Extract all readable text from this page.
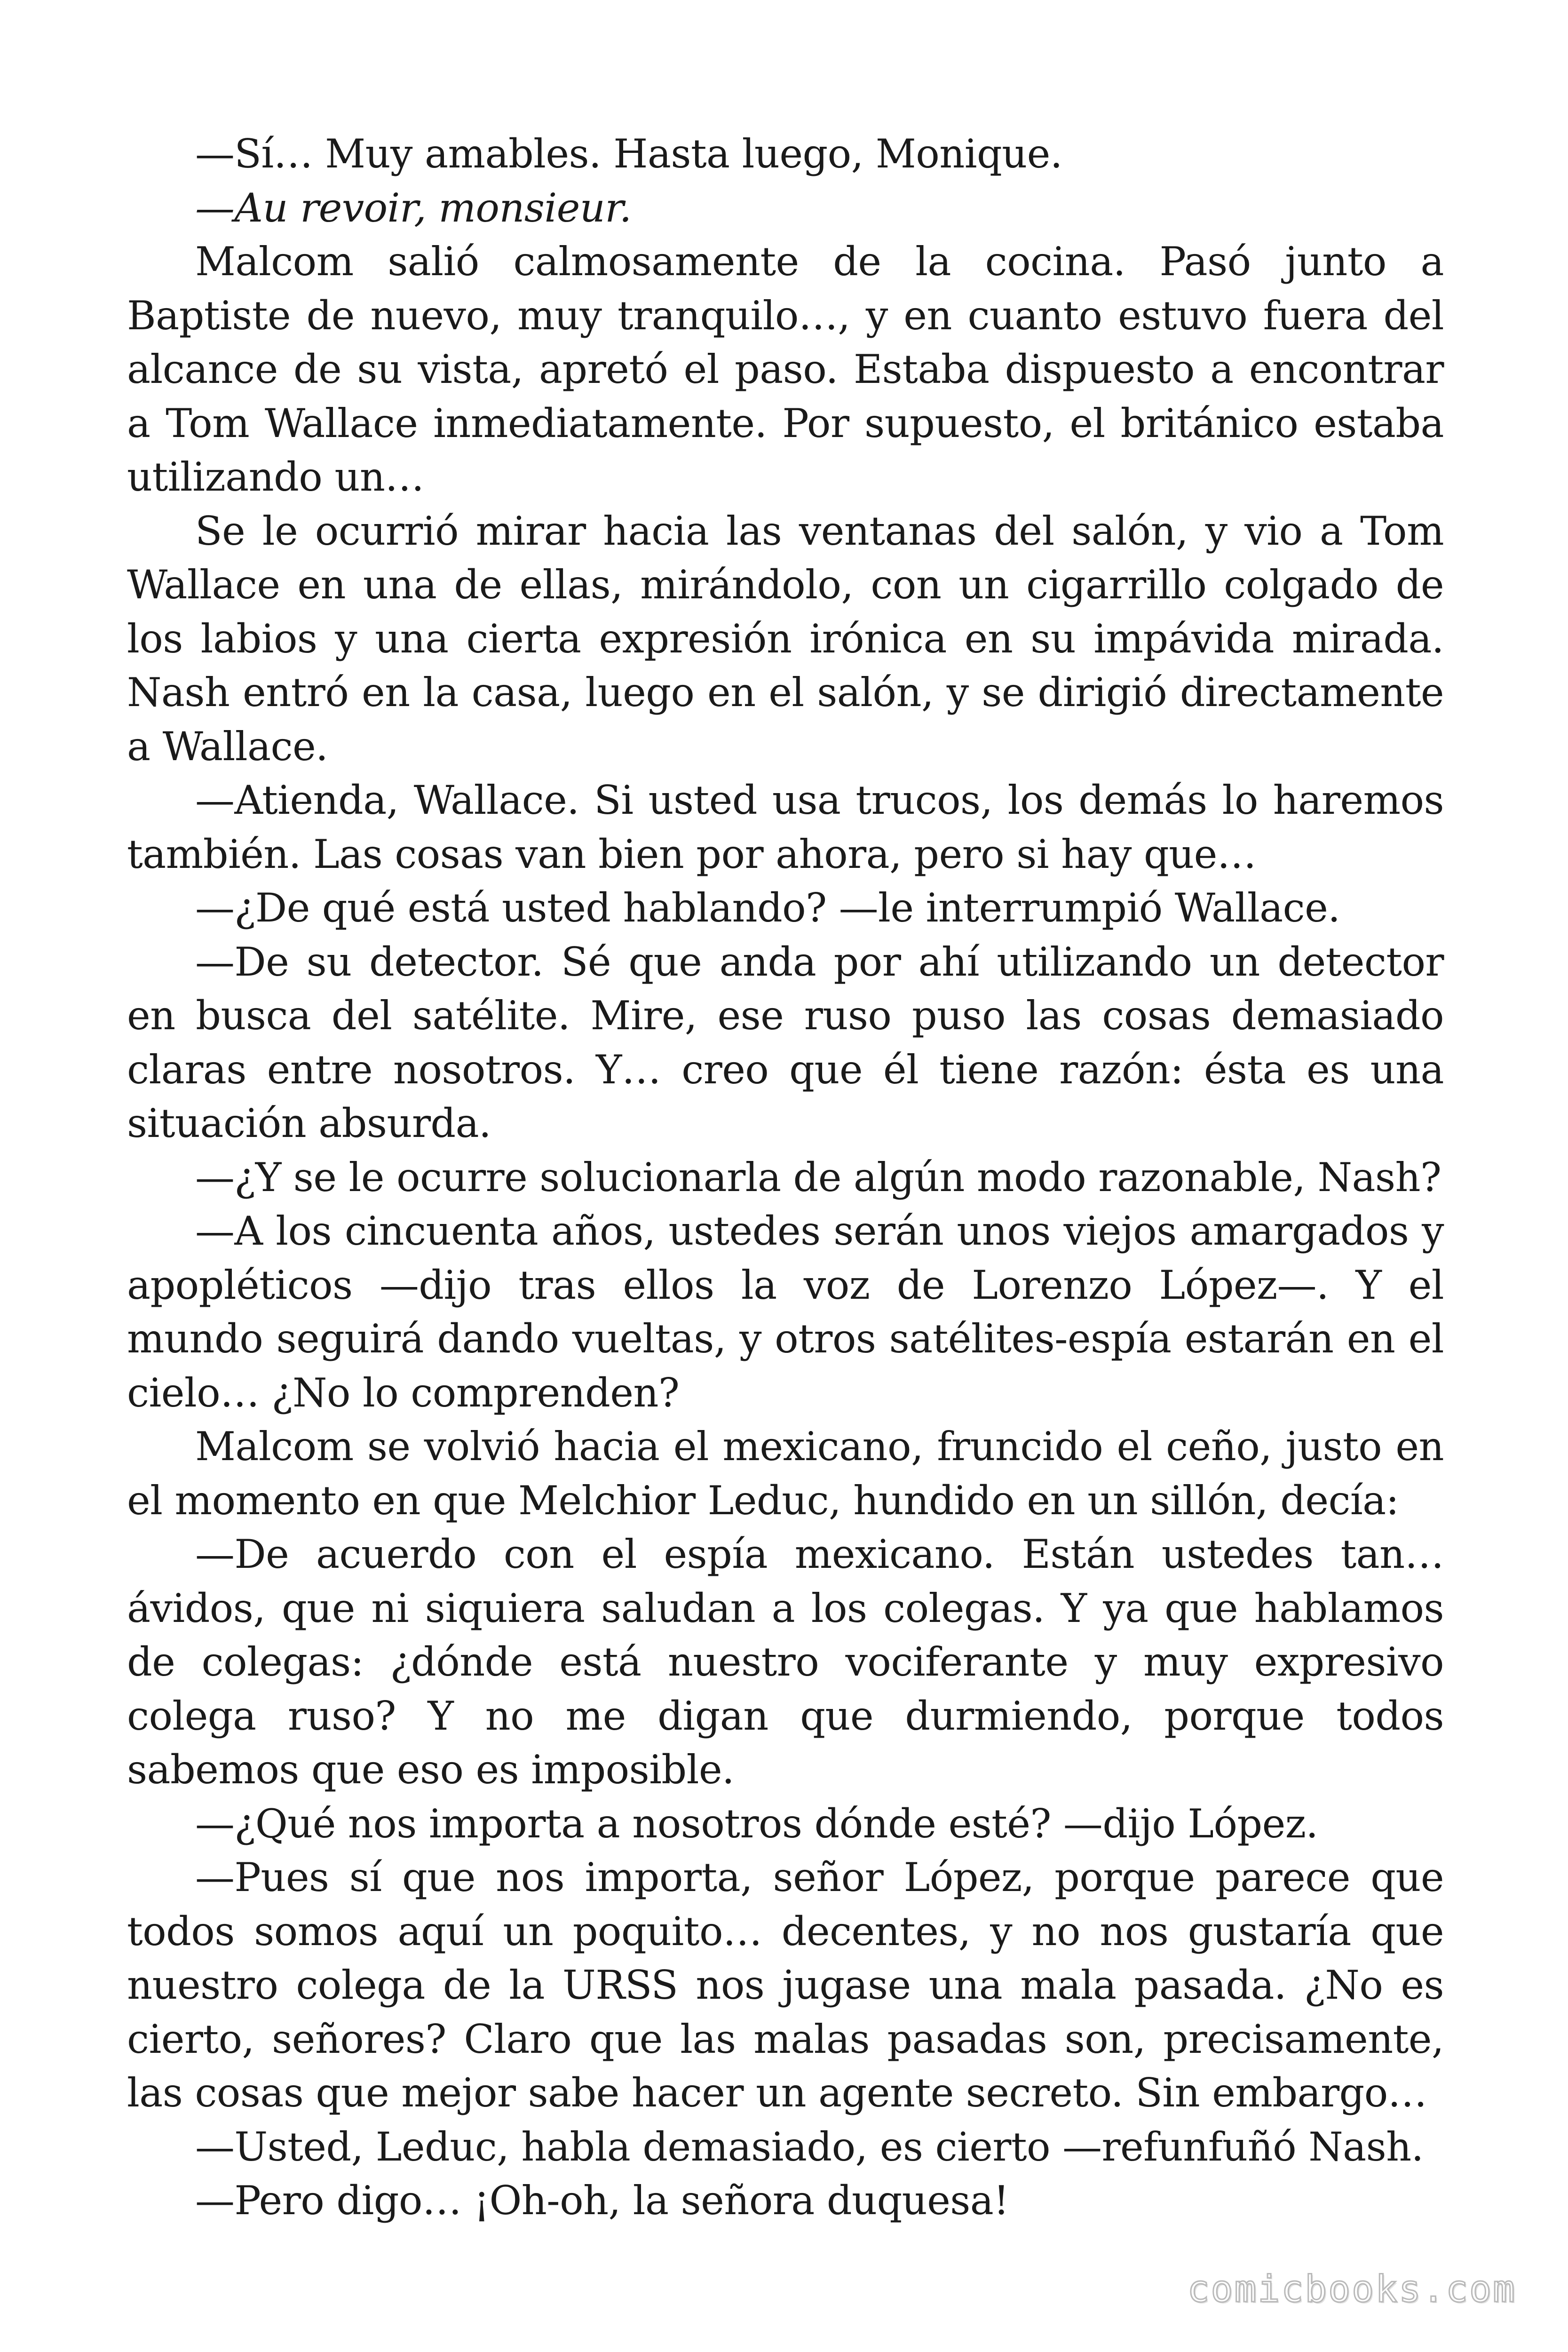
—Sí… Muy amables. Hasta luego, Monique.

—Au revoir, monsieur.

Malcom salió calmosamente de la cocina. Pasó junto a Baptiste de nuevo, muy tranquilo…, y en cuanto estuvo fuera del alcance de su vista, apretó el paso. Estaba dispuesto a encontrar a Tom Wallace inmediatamente. Por supuesto, el británico estaba utilizando un…

Se le ocurrió mirar hacia las ventanas del salón, y vio a Tom Wallace en una de ellas, mirándolo, con un cigarrillo colgado de los labios y una cierta expresión irónica en su impávida mirada. Nash entró en la casa, luego en el salón, y se dirigió directamente a Wallace.

—Atienda, Wallace. Si usted usa trucos, los demás lo haremos también. Las cosas van bien por ahora, pero si hay que…

—¿De qué está usted hablando? —le interrumpió Wallace.

—De su detector. Sé que anda por ahí utilizando un detector en busca del satélite. Mire, ese ruso puso las cosas demasiado claras entre nosotros. Y… creo que él tiene razón: ésta es una situación absurda.

—¿Y se le ocurre solucionarla de algún modo razonable, Nash?

—A los cincuenta años, ustedes serán unos viejos amargados y apopléticos —dijo tras ellos la voz de Lorenzo López—. Y el mundo seguirá dando vueltas, y otros satélites-espía estarán en el cielo… ¿No lo comprenden?

Malcom se volvió hacia el mexicano, fruncido el ceño, justo en el momento en que Melchior Leduc, hundido en un sillón, decía:

—De acuerdo con el espía mexicano. Están ustedes tan… ávidos, que ni siquiera saludan a los colegas. Y ya que hablamos de colegas: ¿dónde está nuestro vociferante y muy expresivo colega ruso? Y no me digan que durmiendo, porque todos sabemos que eso es imposible.

—¿Qué nos importa a nosotros dónde esté? —dijo López.

—Pues sí que nos importa, señor López, porque parece que todos somos aquí un poquito… decentes, y no nos gustaría que nuestro colega de la URSS nos jugase una mala pasada. ¿No es cierto, señores? Claro que las malas pasadas son, precisamente, las cosas que mejor sabe hacer un agente secreto. Sin embargo…

—Usted, Leduc, habla demasiado, es cierto —refunfuñó Nash.

—Pero digo… ¡Oh-oh, la señora duquesa!

comicbooks.com
